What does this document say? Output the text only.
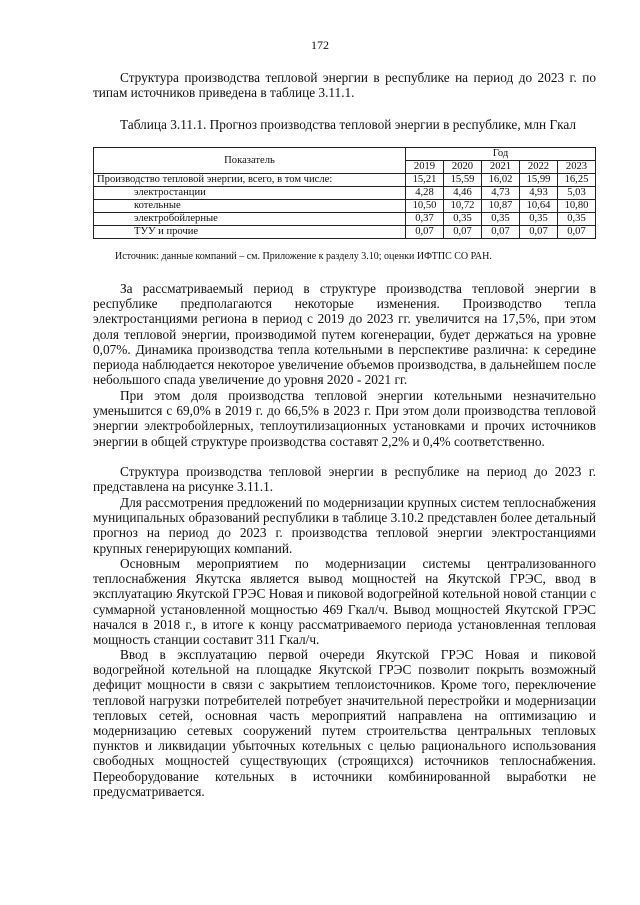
172

Структура производства тепловой энергии в республике на период до 2023 г. по типам источников приведена в таблице 3.11.1.

Таблица 3.11.1. Прогноз производства тепловой энергии в республике, млн Гкал

Показатель	Год				
	2019	2020	2021	2022	2023
Производство тепловой энергии, всего, в том числе:	15,21	15,59	16,02	15,99	16,25
электростанции	4,28	4,46	4,73	4,93	5,03
котельные	10,50	10,72	10,87	10,64	10,80
электробойлерные	0,37	0,35	0,35	0,35	0,35
ТУУ и прочие	0,07	0,07	0,07	0,07	0,07
Источник: данные компаний – см. Приложение к разделу 3.10; оценки ИФТПС СО РАН.

За рассматриваемый период в структуре производства тепловой энергии в республике предполагаются некоторые изменения. Производство тепла электростанциями региона в период с 2019 до 2023 гг. увеличится на 17,5%, при этом доля тепловой энергии, производимой путем когенерации, будет держаться на уровне 0,07%. Динамика производства тепла котельными в перспективе различна: к середине периода наблюдается некоторое увеличение объемов производства, в дальнейшем после небольшого спада увеличение до уровня 2020 - 2021 гг.

При этом доля производства тепловой энергии котельными незначительно уменьшится с 69,0% в 2019 г. до 66,5% в 2023 г. При этом доли производства тепловой энергии электробойлерных, теплоутилизационных установками и прочих источников энергии в общей структуре производства составят 2,2% и 0,4% соответственно.

Структура производства тепловой энергии в республике на период до 2023 г. представлена на рисунке 3.11.1.

Для рассмотрения предложений по модернизации крупных систем теплоснабжения муниципальных образований республики в таблице 3.10.2 представлен более детальный прогноз на период до 2023 г. производства тепловой энергии электростанциями крупных генерирующих компаний.

Основным мероприятием по модернизации системы централизованного теплоснабжения Якутска является вывод мощностей на Якутской ГРЭС, ввод в эксплуатацию Якутской ГРЭС Новая и пиковой водогрейной котельной новой станции с суммарной установленной мощностью 469 Гкал/ч. Вывод мощностей Якутской ГРЭС начался в 2018 г., в итоге к концу рассматриваемого периода установленная тепловая мощность станции составит 311 Гкал/ч.

Ввод в эксплуатацию первой очереди Якутской ГРЭС Новая и пиковой водогрейной котельной на площадке Якутской ГРЭС позволит покрыть возможный дефицит мощности в связи с закрытием теплоисточников. Кроме того, переключение тепловой нагрузки потребителей потребует значительной перестройки и модернизации тепловых сетей, основная часть мероприятий направлена на оптимизацию и модернизацию сетевых сооружений путем строительства центральных тепловых пунктов и ликвидации убыточных котельных с целью рационального использования свободных мощностей существующих (строящихся) источников теплоснабжения. Переоборудование котельных в источники комбинированной выработки не предусматривается.
